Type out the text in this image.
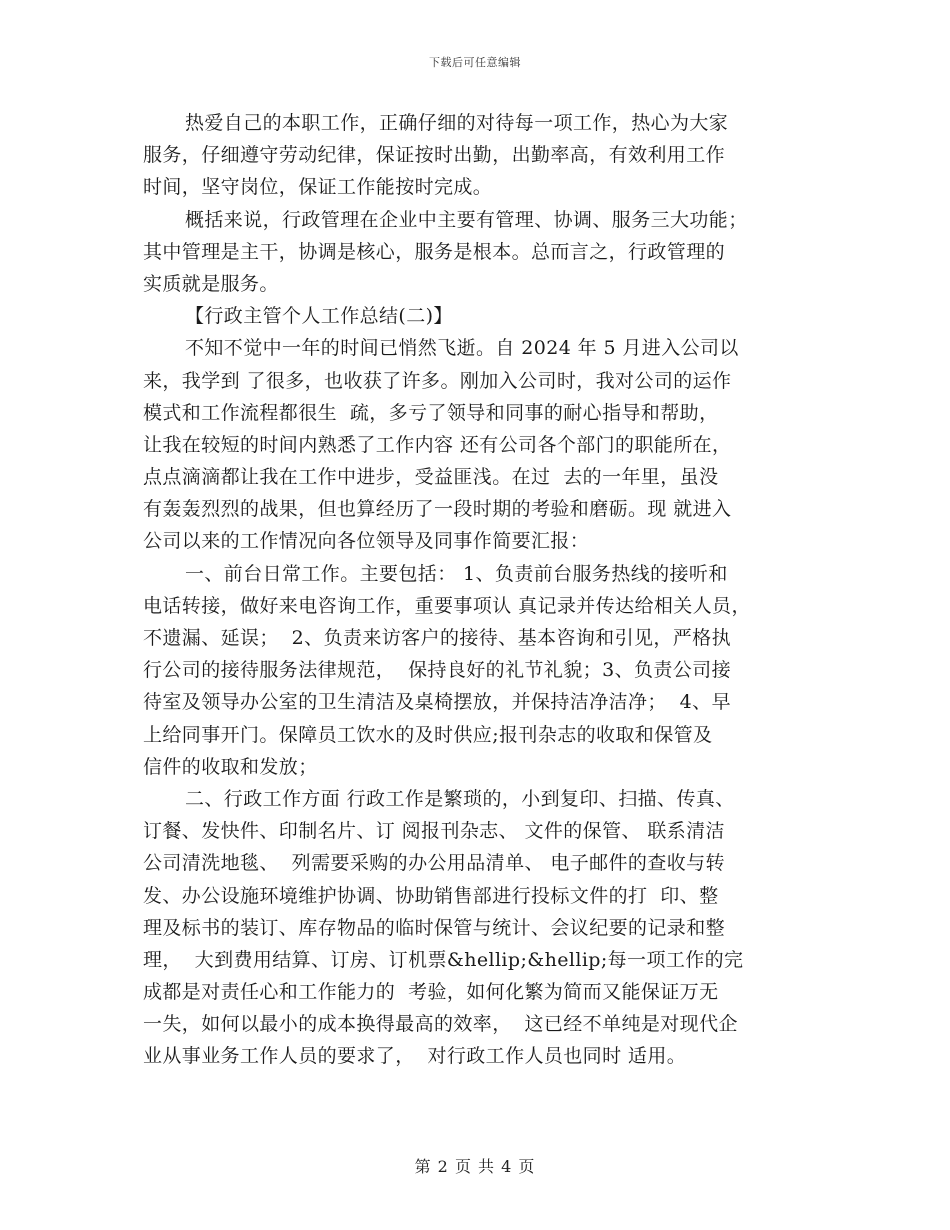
下载后可任意编辑
热爱自己的本职工作，正确仔细的对待每一项工作，热心为大家
服务，仔细遵守劳动纪律，保证按时出勤，出勤率高，有效利用工作
时间，坚守岗位，保证工作能按时完成。
概括来说，行政管理在企业中主要有管理、协调、服务三大功能；
其中管理是主干，协调是核心，服务是根本。总而言之，行政管理的
实质就是服务。
【行政主管个人工作总结(二)】
不知不觉中一年的时间已悄然飞逝。自 2024 年 5 月进入公司以
来，我学到 了很多，也收获了许多。刚加入公司时，我对公司的运作
模式和工作流程都很生  疏，多亏了领导和同事的耐心指导和帮助，
让我在较短的时间内熟悉了工作内容 还有公司各个部门的职能所在，
点点滴滴都让我在工作中进步，受益匪浅。在过  去的一年里，虽没
有轰轰烈烈的战果，但也算经历了一段时期的考验和磨砺。现 就进入
公司以来的工作情况向各位领导及同事作简要汇报：
一、前台日常工作。主要包括： 1、负责前台服务热线的接听和
电话转接，做好来电咨询工作，重要事项认 真记录并传达给相关人员，
不遗漏、延误；  2、负责来访客户的接待、基本咨询和引见，严格执
行公司的接待服务法律规范，  保持良好的礼节礼貌；3、负责公司接
待室及领导办公室的卫生清洁及桌椅摆放，并保持洁净洁净；  4、早
上给同事开门。保障员工饮水的及时供应;报刊杂志的收取和保管及
信件的收取和发放；
二、行政工作方面 行政工作是繁琐的，小到复印、扫描、传真、
订餐、发快件、印制名片、订 阅报刊杂志、 文件的保管、 联系清洁
公司清洗地毯、  列需要采购的办公用品清单、 电子邮件的查收与转
发、办公设施环境维护协调、协助销售部进行投标文件的打  印、整
理及标书的装订、库存物品的临时保管与统计、会议纪要的记录和整
理，  大到费用结算、订房、订机票&hellip;&hellip;每一项工作的完
成都是对责任心和工作能力的  考验，如何化繁为简而又能保证万无
一失，如何以最小的成本换得最高的效率，  这已经不单纯是对现代企
业从事业务工作人员的要求了，  对行政工作人员也同时 适用。
第 2 页 共 4 页
